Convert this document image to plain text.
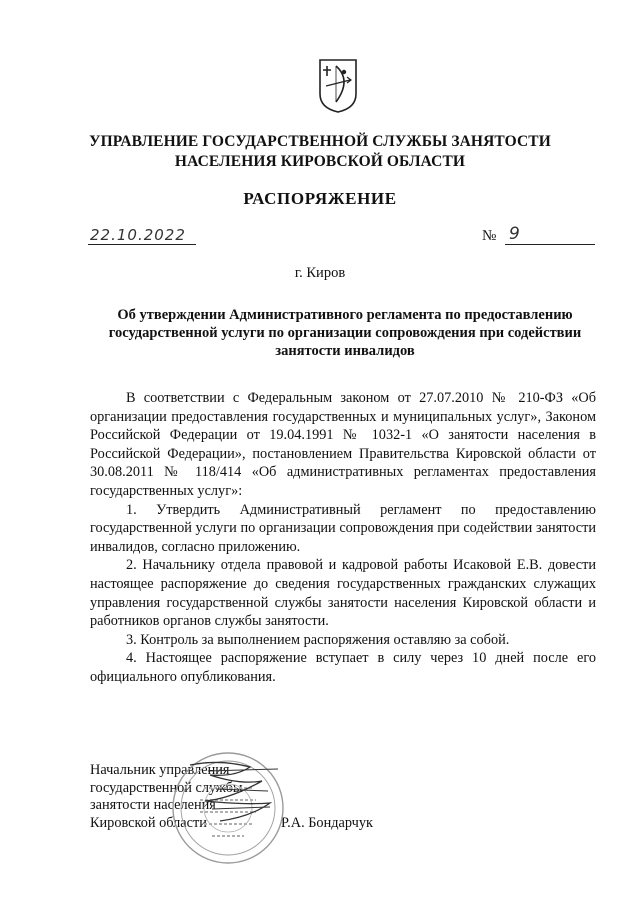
УПРАВЛЕНИЕ ГОСУДАРСТВЕННОЙ СЛУЖБЫ ЗАНЯТОСТИ
НАСЕЛЕНИЯ КИРОВСКОЙ ОБЛАСТИ
РАСПОРЯЖЕНИЕ
22.10.2022	№ 9
г. Киров
Об утверждении Административного регламента по предоставлению
государственной услуги по организации сопровождения при содействии
занятости инвалидов

В соответствии с Федеральным законом от 27.07.2010 № 210-ФЗ «Об организации предоставления государственных и муниципальных услуг», Законом Российской Федерации от 19.04.1991 № 1032-1 «О занятости населения в Российской Федерации», постановлением Правительства Кировской области от 30.08.2011 № 118/414 «Об административных регламентах предоставления государственных услуг»:

1. Утвердить Административный регламент по предоставлению государственной услуги по организации сопровождения при содействии занятости инвалидов, согласно приложению.

2. Начальнику отдела правовой и кадровой работы Исаковой Е.В. довести настоящее распоряжение до сведения государственных гражданских служащих управления государственной службы занятости населения Кировской области и работников органов службы занятости.

3. Контроль за выполнением распоряжения оставляю за собой.

4. Настоящее распоряжение вступает в силу через 10 дней после его официального опубликования.

Начальник управления
государственной службы
занятости населения
Кировской области	Р.А. Бондарчук
